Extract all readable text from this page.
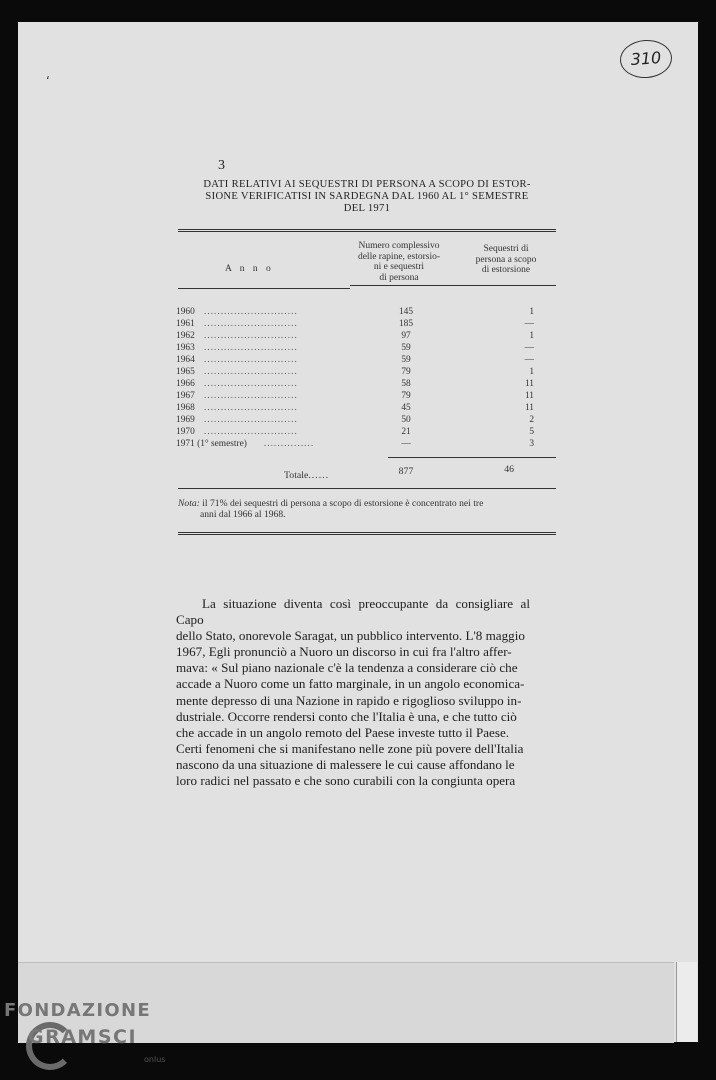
310
ʻ
3
DATI RELATIVI AI SEQUESTRI DI PERSONA A SCOPO DI ESTOR-
SIONE VERIFICATISI IN SARDEGNA DAL 1960 AL 1° SEMESTRE
DEL 1971
A n n o
Numero complessivo
delle rapine, estorsio-
ni e sequestri
di persona
Sequestri di
persona a scopo
di estorsione
1960 ............................	145	1
1961 ............................	185	—
1962 ............................	97	1
1963 ............................	59	—
1964 ............................	59	—
1965 ............................	79	1
1966 ............................	58	11
1967 ............................	79	11
1968 ............................	45	11
1969 ............................	50	2
1970 ............................	21	5
1971 (1° semestre) ...............	—	3
Totale......	877	46
Nota: il 71% dei sequestri di persona a scopo di estorsione è concentrato nei tre
anni dal 1966 al 1968.
La situazione diventa così preoccupante da consigliare al Capo
dello Stato, onorevole Saragat, un pubblico intervento. L'8 maggio
1967, Egli pronunciò a Nuoro un discorso in cui fra l'altro affer-
mava: « Sul piano nazionale c'è la tendenza a considerare ciò che
accade a Nuoro come un fatto marginale, in un angolo economica-
mente depresso di una Nazione in rapido e rigoglioso sviluppo in-
dustriale. Occorre rendersi conto che l'Italia è una, e che tutto ciò
che accade in un angolo remoto del Paese investe tutto il Paese.
Certi fenomeni che si manifestano nelle zone più povere dell'Italia
nascono da una situazione di malessere le cui cause affondano le
loro radici nel passato e che sono curabili con la congiunta opera
FONDAZIONE
GRAMSCI
onlus
